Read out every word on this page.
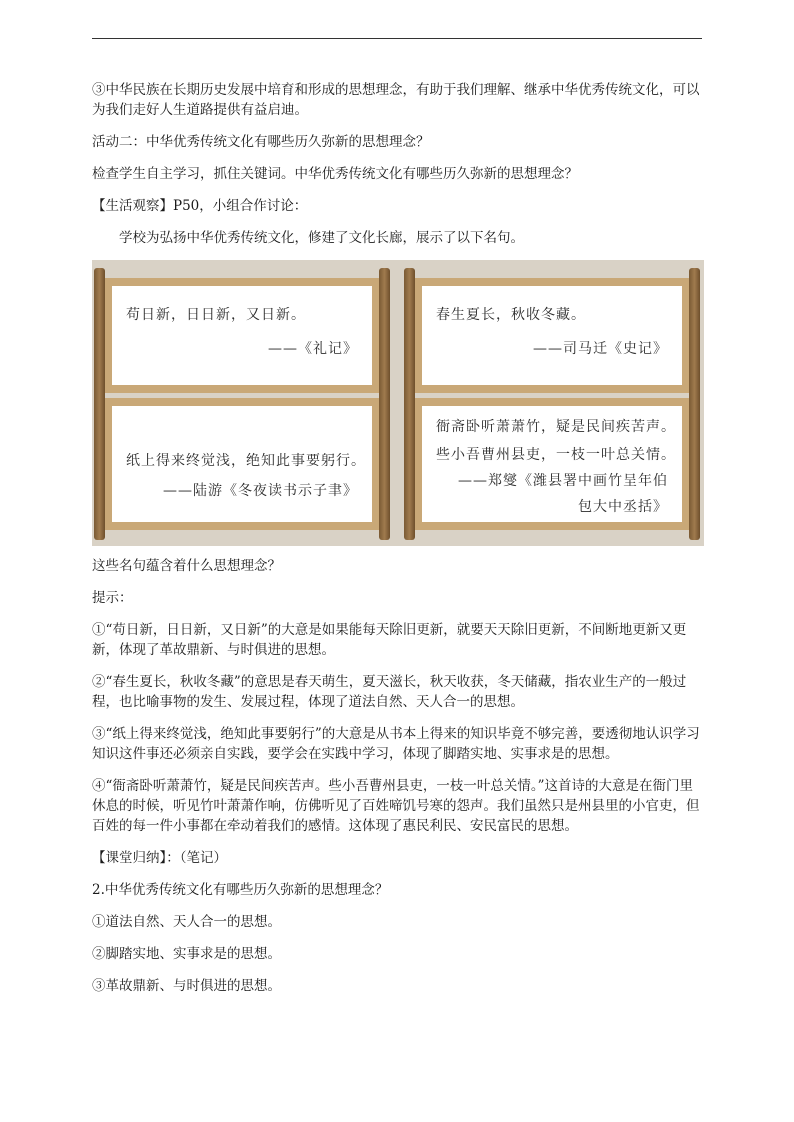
③中华民族在长期历史发展中培育和形成的思想理念，有助于我们理解、继承中华优秀传统文化，可以为我们走好人生道路提供有益启迪。

活动二：中华优秀传统文化有哪些历久弥新的思想理念？

检查学生自主学习，抓住关键词。中华优秀传统文化有哪些历久弥新的思想理念？

【生活观察】P50，小组合作讨论：

学校为弘扬中华优秀传统文化，修建了文化长廊，展示了以下名句。

苟日新，日日新，又日新。
——《礼记》
春生夏长，秋收冬藏。
——司马迁《史记》
纸上得来终觉浅，绝知此事要躬行。
——陆游《冬夜读书示子聿》
衙斋卧听萧萧竹，疑是民间疾苦声。
些小吾曹州县吏，一枝一叶总关情。
——郑燮《潍县署中画竹呈年伯
包大中丞括》

这些名句蕴含着什么思想理念？

提示：

①“苟日新，日日新，又日新”的大意是如果能每天除旧更新，就要天天除旧更新，不间断地更新又更新，体现了革故鼎新、与时俱进的思想。

②“春生夏长，秋收冬藏”的意思是春天萌生，夏天滋长，秋天收获，冬天储藏，指农业生产的一般过程，也比喻事物的发生、发展过程，体现了道法自然、天人合一的思想。

③“纸上得来终觉浅，绝知此事要躬行”的大意是从书本上得来的知识毕竟不够完善，要透彻地认识学习知识这件事还必须亲自实践，要学会在实践中学习，体现了脚踏实地、实事求是的思想。

④“衙斋卧听萧萧竹，疑是民间疾苦声。些小吾曹州县吏，一枝一叶总关情。”这首诗的大意是在衙门里休息的时候，听见竹叶萧萧作响，仿佛听见了百姓啼饥号寒的怨声。我们虽然只是州县里的小官吏，但百姓的每一件小事都在牵动着我们的感情。这体现了惠民利民、安民富民的思想。

【课堂归纳】：（笔记）

2.中华优秀传统文化有哪些历久弥新的思想理念？

①道法自然、天人合一的思想。

②脚踏实地、实事求是的思想。

③革故鼎新、与时俱进的思想。
